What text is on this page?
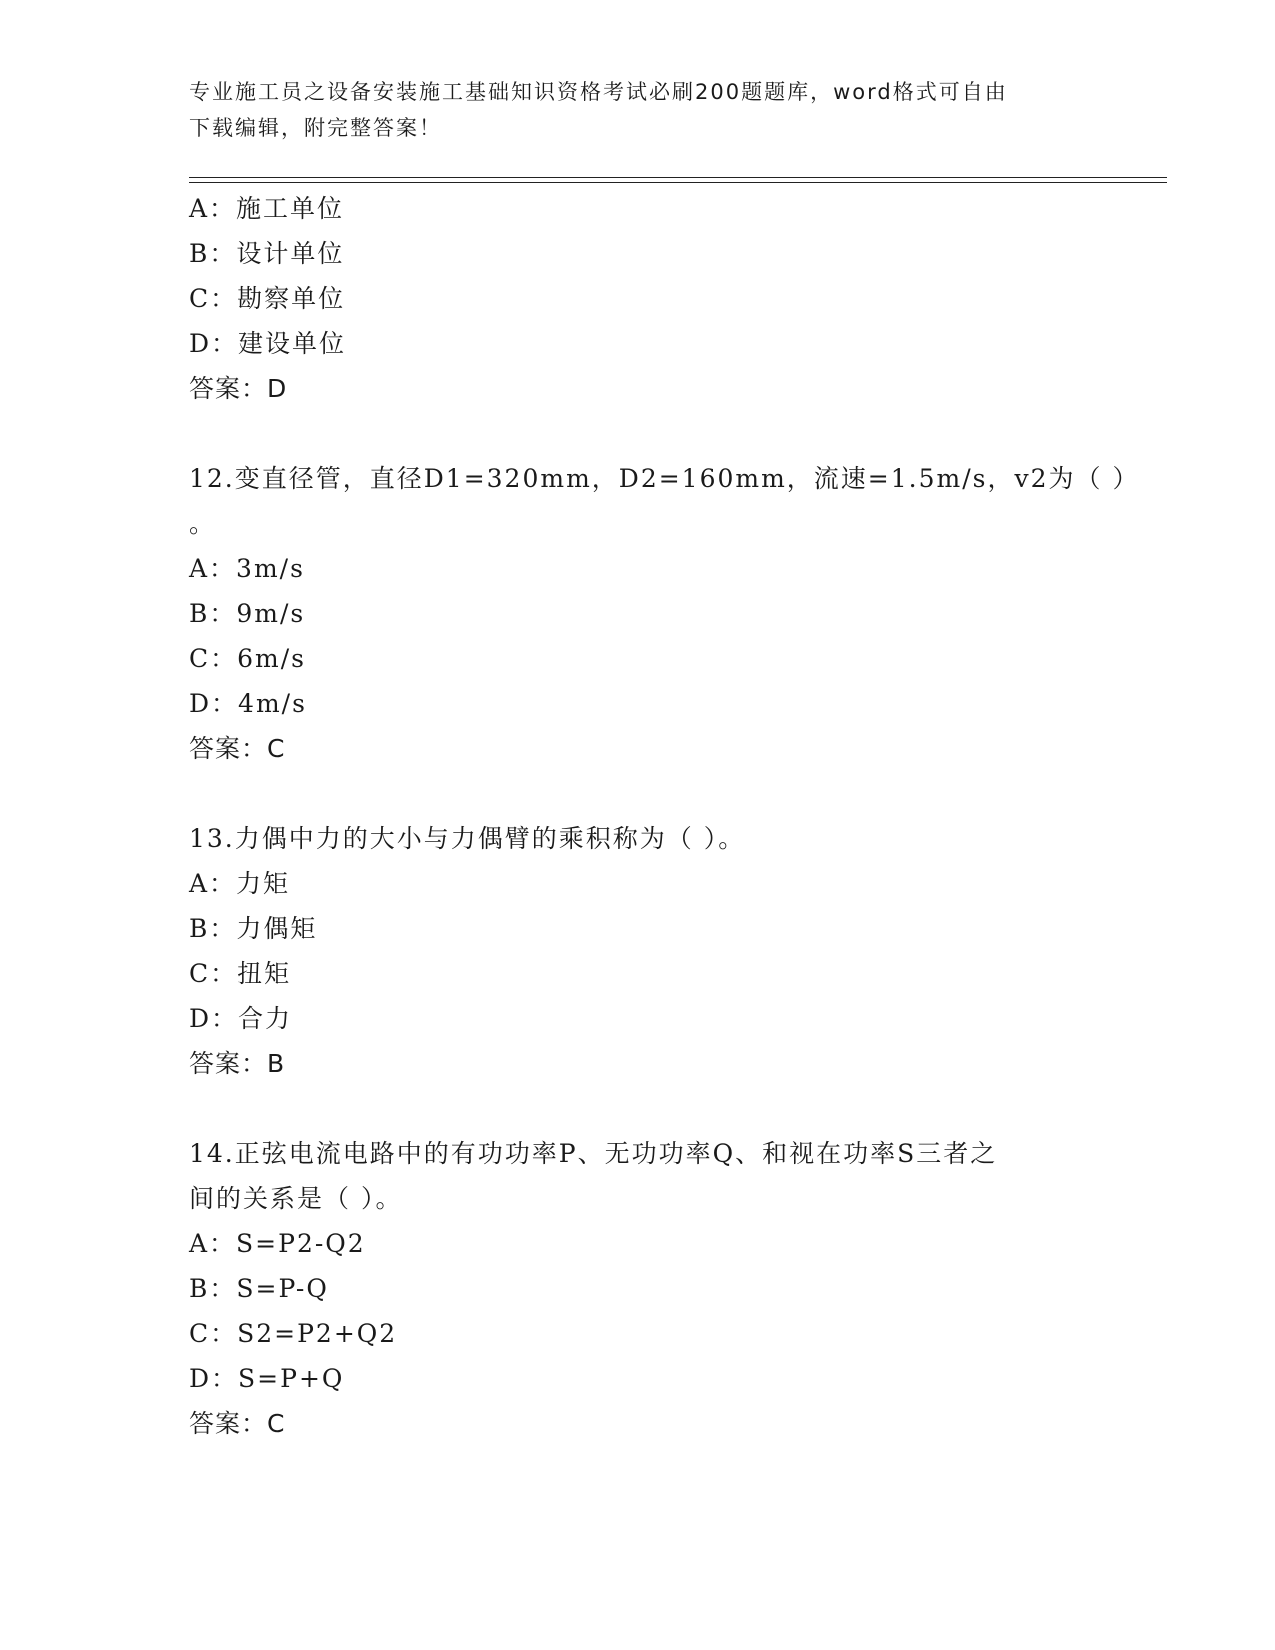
专业施工员之设备安装施工基础知识资格考试必刷200题题库，word格式可自由
下载编辑，附完整答案！
A：施工单位
B：设计单位
C：勘察单位
D：建设单位
答案：D
12.变直径管，直径D1=320mm，D2=160mm，流速=1.5m/s，v2为（ ）
。
A：3m/s
B：9m/s
C：6m/s
D：4m/s
答案：C
13.力偶中力的大小与力偶臂的乘积称为（ ）。
A：力矩
B：力偶矩
C：扭矩
D：合力
答案：B
14.正弦电流电路中的有功功率P、无功功率Q、和视在功率S三者之
间的关系是（ ）。
A：S=P2-Q2
B：S=P-Q
C：S2=P2+Q2
D：S=P+Q
答案：C
